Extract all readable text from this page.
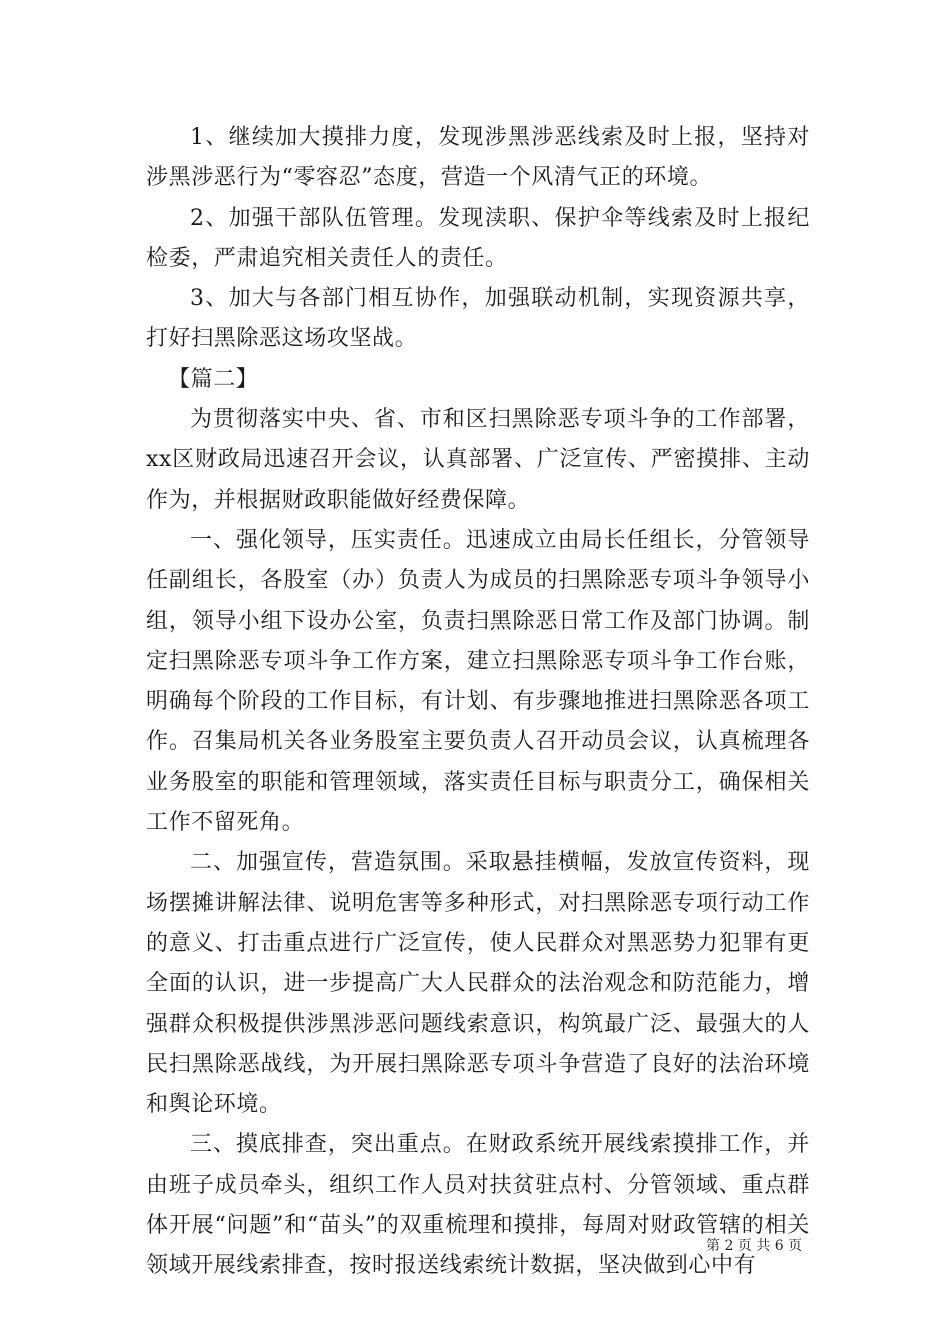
1、继续加大摸排力度，发现涉黑涉恶线索及时上报，坚持对涉黑涉恶行为“零容忍”态度，营造一个风清气正的环境。

2、加强干部队伍管理。发现渎职、保护伞等线索及时上报纪检委，严肃追究相关责任人的责任。

3、加大与各部门相互协作，加强联动机制，实现资源共享，打好扫黑除恶这场攻坚战。

【篇二】

为贯彻落实中央、省、市和区扫黑除恶专项斗争的工作部署，xx区财政局迅速召开会议，认真部署、广泛宣传、严密摸排、主动作为，并根据财政职能做好经费保障。

一、强化领导，压实责任。迅速成立由局长任组长，分管领导任副组长，各股室（办）负责人为成员的扫黑除恶专项斗争领导小组，领导小组下设办公室，负责扫黑除恶日常工作及部门协调。制定扫黑除恶专项斗争工作方案，建立扫黑除恶专项斗争工作台账，明确每个阶段的工作目标，有计划、有步骤地推进扫黑除恶各项工作。召集局机关各业务股室主要负责人召开动员会议，认真梳理各业务股室的职能和管理领域，落实责任目标与职责分工，确保相关工作不留死角。

二、加强宣传，营造氛围。采取悬挂横幅，发放宣传资料，现场摆摊讲解法律、说明危害等多种形式，对扫黑除恶专项行动工作的意义、打击重点进行广泛宣传，使人民群众对黑恶势力犯罪有更全面的认识，进一步提高广大人民群众的法治观念和防范能力，增强群众积极提供涉黑涉恶问题线索意识，构筑最广泛、最强大的人民扫黑除恶战线，为开展扫黑除恶专项斗争营造了良好的法治环境和舆论环境。

三、摸底排查，突出重点。在财政系统开展线索摸排工作，并由班子成员牵头，组织工作人员对扶贫驻点村、分管领域、重点群体开展“问题”和“苗头”的双重梳理和摸排，每周对财政管辖的相关领域开展线索排查，按时报送线索统计数据，坚决做到心中有

第 2 页 共 6 页
